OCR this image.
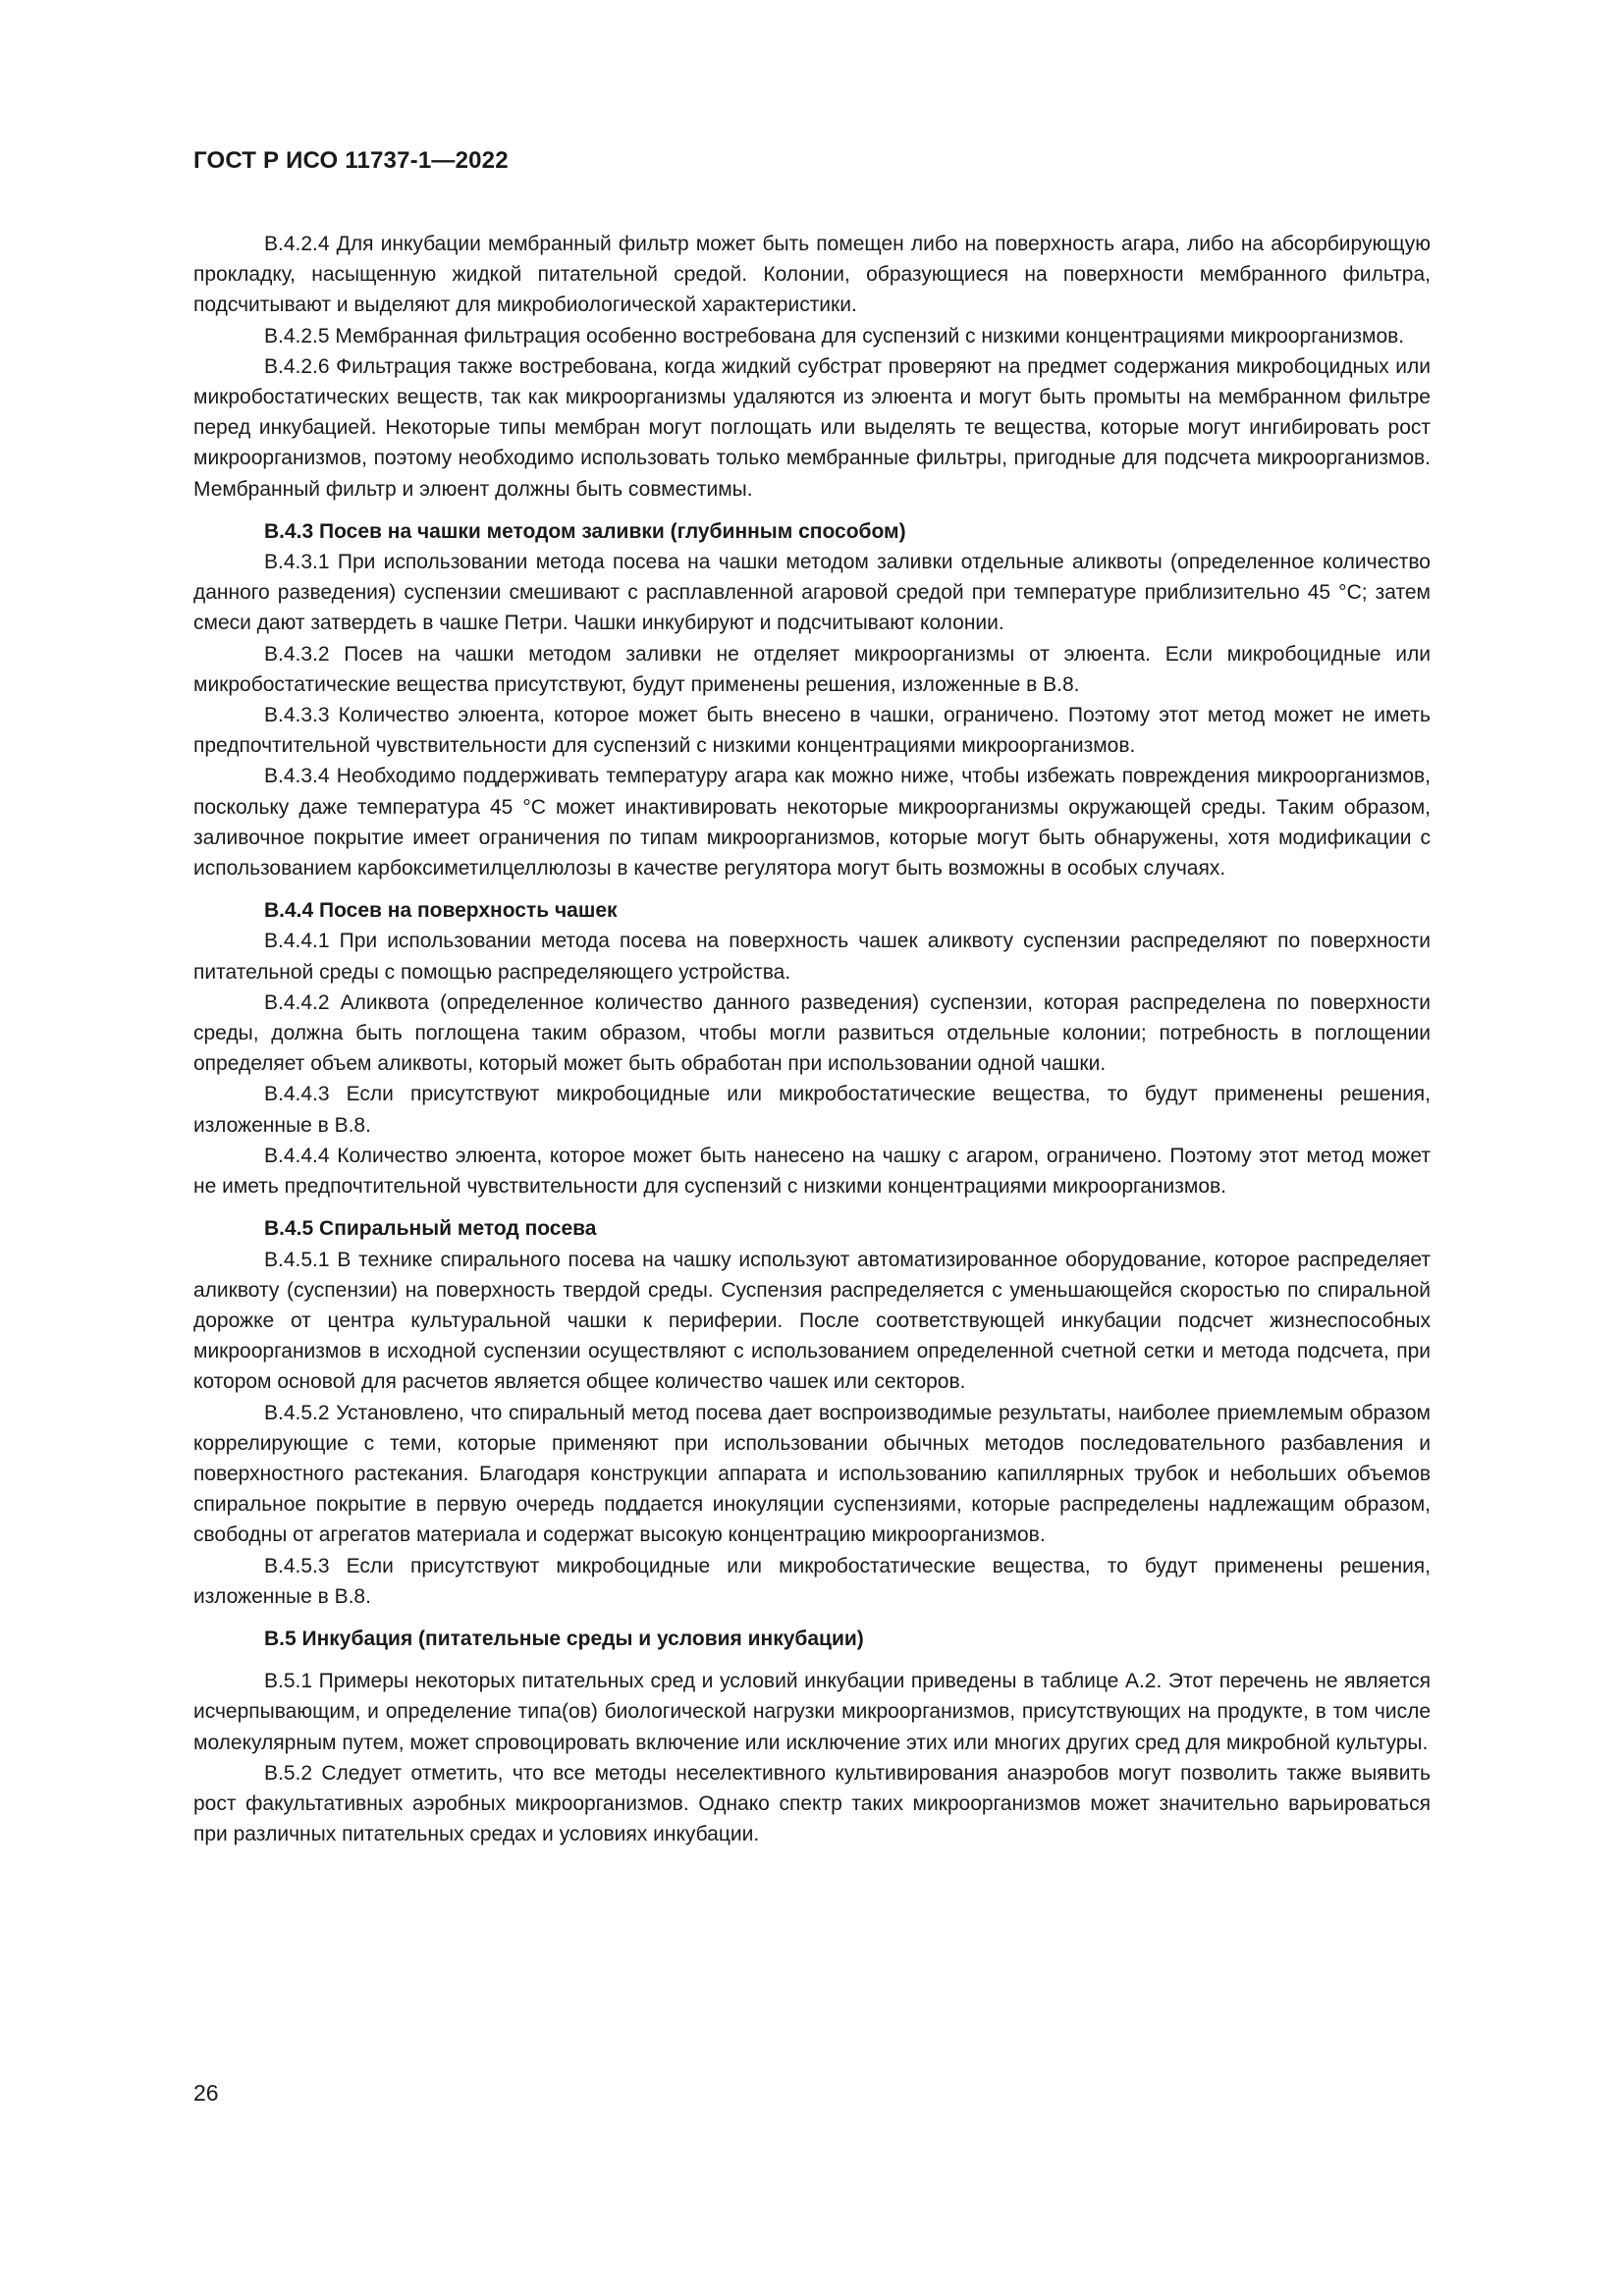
ГОСТ Р ИСО 11737-1—2022

В.4.2.4 Для инкубации мембранный фильтр может быть помещен либо на поверхность агара, либо на абсорбирующую прокладку, насыщенную жидкой питательной средой. Колонии, образующиеся на поверхности мембранного фильтра, подсчитывают и выделяют для микробиологической характеристики.

В.4.2.5 Мембранная фильтрация особенно востребована для суспензий с низкими концентрациями микроорганизмов.

В.4.2.6 Фильтрация также востребована, когда жидкий субстрат проверяют на предмет содержания микробоцидных или микробостатических веществ, так как микроорганизмы удаляются из элюента и могут быть промыты на мембранном фильтре перед инкубацией. Некоторые типы мембран могут поглощать или выделять те вещества, которые могут ингибировать рост микроорганизмов, поэтому необходимо использовать только мембранные фильтры, пригодные для подсчета микроорганизмов. Мембранный фильтр и элюент должны быть совместимы.

В.4.3 Посев на чашки методом заливки (глубинным способом)

В.4.3.1 При использовании метода посева на чашки методом заливки отдельные аликвоты (определенное количество данного разведения) суспензии смешивают с расплавленной агаровой средой при температуре приблизительно 45 °С; затем смеси дают затвердеть в чашке Петри. Чашки инкубируют и подсчитывают колонии.

В.4.3.2 Посев на чашки методом заливки не отделяет микроорганизмы от элюента. Если микробоцидные или микробостатические вещества присутствуют, будут применены решения, изложенные в В.8.

В.4.3.3 Количество элюента, которое может быть внесено в чашки, ограничено. Поэтому этот метод может не иметь предпочтительной чувствительности для суспензий с низкими концентрациями микроорганизмов.

В.4.3.4 Необходимо поддерживать температуру агара как можно ниже, чтобы избежать повреждения микроорганизмов, поскольку даже температура 45 °С может инактивировать некоторые микроорганизмы окружающей среды. Таким образом, заливочное покрытие имеет ограничения по типам микроорганизмов, которые могут быть обнаружены, хотя модификации с использованием карбоксиметилцеллюлозы в качестве регулятора могут быть возможны в особых случаях.

В.4.4 Посев на поверхность чашек

В.4.4.1 При использовании метода посева на поверхность чашек аликвоту суспензии распределяют по поверхности питательной среды с помощью распределяющего устройства.

В.4.4.2 Аликвота (определенное количество данного разведения) суспензии, которая распределена по поверхности среды, должна быть поглощена таким образом, чтобы могли развиться отдельные колонии; потребность в поглощении определяет объем аликвоты, который может быть обработан при использовании одной чашки.

В.4.4.3 Если присутствуют микробоцидные или микробостатические вещества, то будут применены решения, изложенные в В.8.

В.4.4.4 Количество элюента, которое может быть нанесено на чашку с агаром, ограничено. Поэтому этот метод может не иметь предпочтительной чувствительности для суспензий с низкими концентрациями микроорганизмов.

В.4.5 Спиральный метод посева

В.4.5.1 В технике спирального посева на чашку используют автоматизированное оборудование, которое распределяет аликвоту (суспензии) на поверхность твердой среды. Суспензия распределяется с уменьшающейся скоростью по спиральной дорожке от центра культуральной чашки к периферии. После соответствующей инкубации подсчет жизнеспособных микроорганизмов в исходной суспензии осуществляют с использованием определенной счетной сетки и метода подсчета, при котором основой для расчетов является общее количество чашек или секторов.

В.4.5.2 Установлено, что спиральный метод посева дает воспроизводимые результаты, наиболее приемлемым образом коррелирующие с теми, которые применяют при использовании обычных методов последовательного разбавления и поверхностного растекания. Благодаря конструкции аппарата и использованию капиллярных трубок и небольших объемов спиральное покрытие в первую очередь поддается инокуляции суспензиями, которые распределены надлежащим образом, свободны от агрегатов материала и содержат высокую концентрацию микроорганизмов.

В.4.5.3 Если присутствуют микробоцидные или микробостатические вещества, то будут применены решения, изложенные в В.8.

В.5 Инкубация (питательные среды и условия инкубации)

В.5.1 Примеры некоторых питательных сред и условий инкубации приведены в таблице А.2. Этот перечень не является исчерпывающим, и определение типа(ов) биологической нагрузки микроорганизмов, присутствующих на продукте, в том числе молекулярным путем, может спровоцировать включение или исключение этих или многих других сред для микробной культуры.

В.5.2 Следует отметить, что все методы неселективного культивирования анаэробов могут позволить также выявить рост факультативных аэробных микроорганизмов. Однако спектр таких микроорганизмов может значительно варьироваться при различных питательных средах и условиях инкубации.

26
